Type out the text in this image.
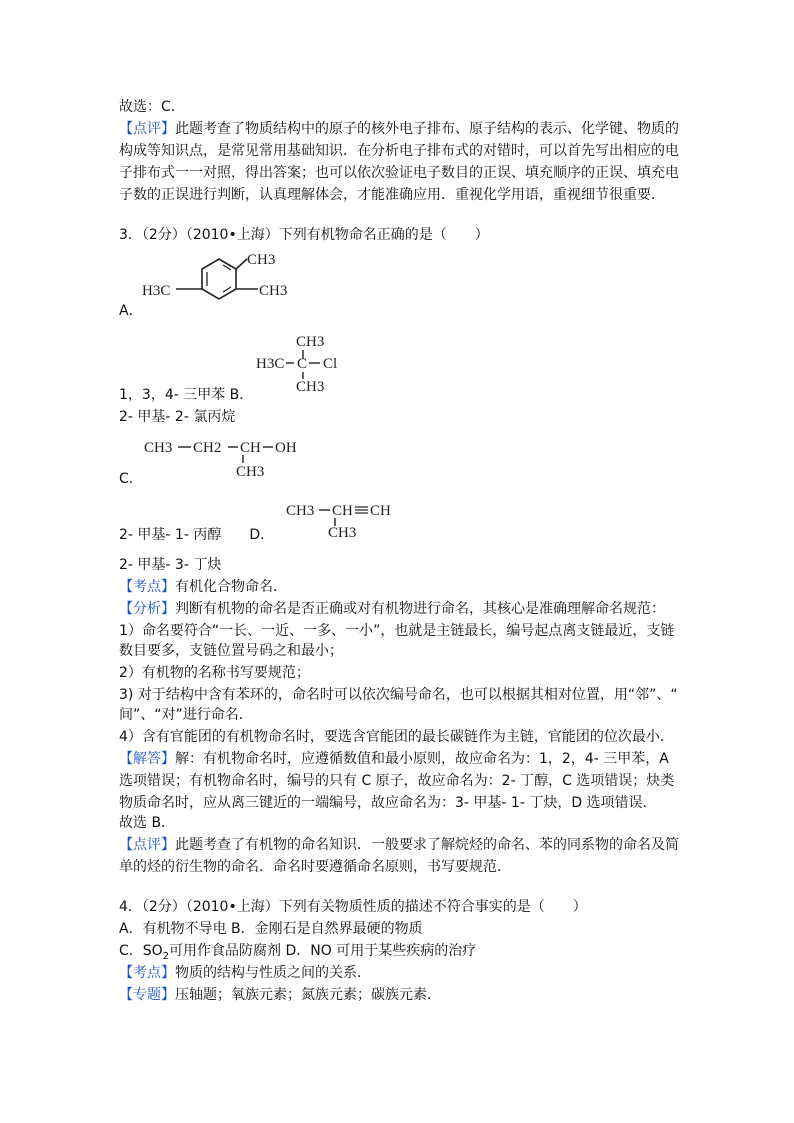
故选：C．
【点评】此题考查了物质结构中的原子的核外电子排布、原子结构的表示、化学键、物质的
构成等知识点，是常见常用基础知识．在分析电子排布式的对错时，可以首先写出相应的电
子排布式一一对照，得出答案；也可以依次验证电子数目的正误、填充顺序的正误、填充电
子数的正误进行判断，认真理解体会，才能准确应用．重视化学用语，重视细节很重要．
3．（2分）（2010•上海）下列有机物命名正确的是（　　）
CH3
H3C	CH3
A．
CH3
H3C C Cl
CH3
1，3，4- 三甲苯 B．
2- 甲基- 2- 氯丙烷
CH3 CH2 CH OH
CH3
C．
CH3 CH CH
CH3
2- 甲基- 1- 丙醇　　D．
2- 甲基- 3- 丁炔
【考点】有机化合物命名．
【分析】判断有机物的命名是否正确或对有机物进行命名，其核心是准确理解命名规范：
1）命名要符合“一长、一近、一多、一小”，也就是主链最长，编号起点离支链最近，支链
数目要多，支链位置号码之和最小；
2）有机物的名称书写要规范；
3) 对于结构中含有苯环的，命名时可以依次编号命名，也可以根据其相对位置，用“邻”、“
间”、“对”进行命名．
4）含有官能团的有机物命名时，要选含官能团的最长碳链作为主链，官能团的位次最小．
【解答】解：有机物命名时，应遵循数值和最小原则，故应命名为：1，2，4- 三甲苯，A
选项错误；有机物命名时，编号的只有 C 原子，故应命名为：2- 丁醇，C 选项错误；炔类
物质命名时，应从离三键近的一端编号，故应命名为：3- 甲基- 1- 丁炔，D 选项错误．
故选 B．
【点评】此题考查了有机物的命名知识．一般要求了解烷烃的命名、苯的同系物的命名及简
单的烃的衍生物的命名．命名时要遵循命名原则，书写要规范．
4．（2分）（2010•上海）下列有关物质性质的描述不符合事实的是（　　）
A．有机物不导电 B．金刚石是自然界最硬的物质
C．$SO_2$可用作食品防腐剂 D．NO 可用于某些疾病的治疗
【考点】物质的结构与性质之间的关系．
【专题】压轴题；氧族元素；氮族元素；碳族元素．
